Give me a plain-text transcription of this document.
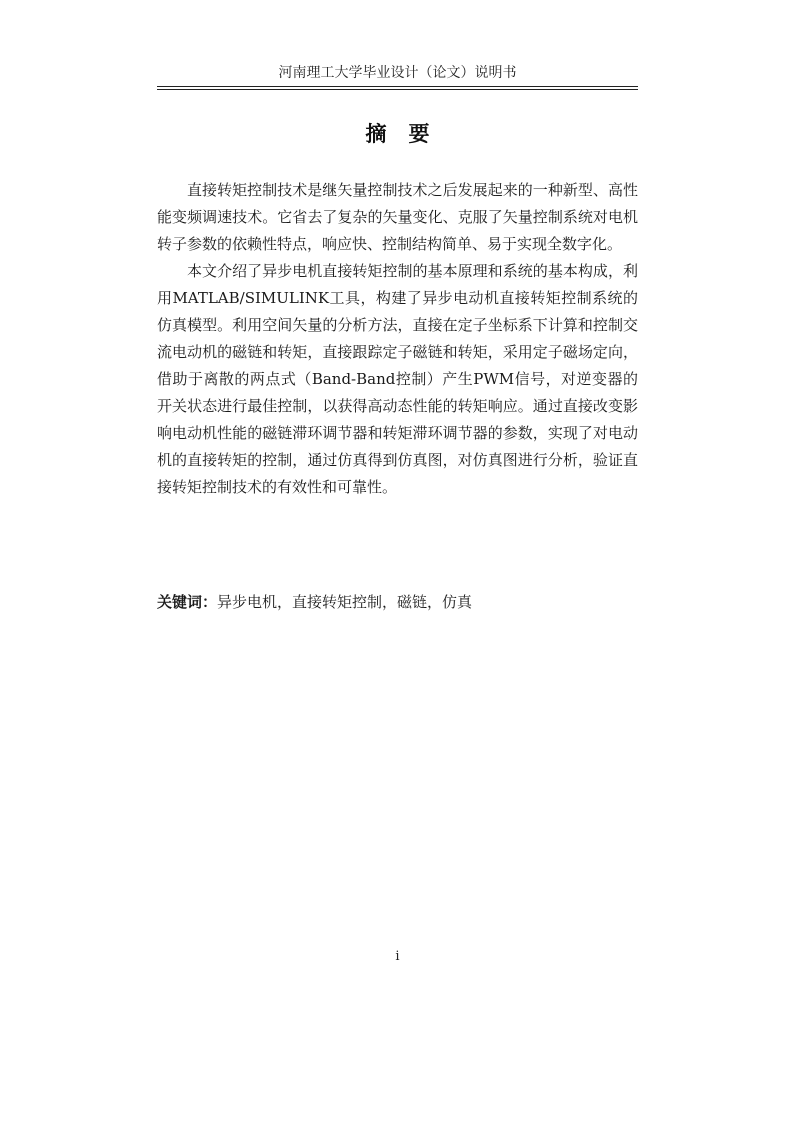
河南理工大学毕业设计（论文）说明书
摘要

直接转矩控制技术是继矢量控制技术之后发展起来的一种新型、高性能变频调速技术。它省去了复杂的矢量变化、克服了矢量控制系统对电机转子参数的依赖性特点，响应快、控制结构简单、易于实现全数字化。

本文介绍了异步电机直接转矩控制的基本原理和系统的基本构成，利用MATLAB/SIMULINK工具，构建了异步电动机直接转矩控制系统的仿真模型。利用空间矢量的分析方法，直接在定子坐标系下计算和控制交流电动机的磁链和转矩，直接跟踪定子磁链和转矩，采用定子磁场定向，借助于离散的两点式（Band-Band控制）产生PWM信号，对逆变器的开关状态进行最佳控制，以获得高动态性能的转矩响应。通过直接改变影响电动机性能的磁链滞环调节器和转矩滞环调节器的参数，实现了对电动机的直接转矩的控制，通过仿真得到仿真图，对仿真图进行分析，验证直接转矩控制技术的有效性和可靠性。

关键词：异步电机，直接转矩控制，磁链，仿真
i
